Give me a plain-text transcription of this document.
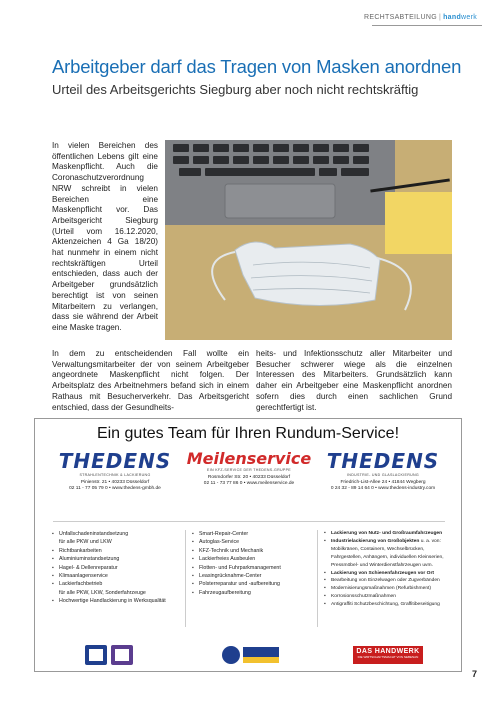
RECHTSABTEILUNG | handwerk
Arbeitgeber darf das Tragen von Masken anordnen
Urteil des Arbeitsgerichts Siegburg aber noch nicht rechtskräftig
In vielen Bereichen des öffentlichen Lebens gilt eine Maskenpflicht. Auch die Coronaschutzverordnung NRW schreibt in vielen Bereichen eine Maskenpflicht vor. Das Arbeitsgericht Siegburg (Urteil vom 16.12.2020, Aktenzeichen 4 Ga 18/20) hat nunmehr in einem nicht rechtskräftigen Urteil entschieden, dass auch der Arbeitgeber grundsätzlich berechtigt ist von seinen Mitarbeitern zu verlangen, dass sie während der Arbeit eine Maske tragen.
In dem zu entscheidenden Fall wollte ein Verwaltungsmitarbeiter der von seinem Arbeitgeber angeordnete Maskenpflicht nicht folgen. Der Arbeitsplatz des Arbeitnehmers befand sich in einem Rathaus mit Besucherverkehr. Das Arbeitsgericht entschied, dass der Gesundheits-
heits- und Infektionsschutz aller Mitarbeiter und Besucher schwerer wiege als die einzelnen Interessen des Mitarbeiters. Grundsätzlich kann daher ein Arbeitgeber eine Maskenpflicht anordnen sofern dies durch einen sachlichen Grund gerechtfertigt ist.
Ein gutes Team für Ihren Rundum-Service!
THEDENS
STRAHLENTECHNIK & LACKIERUNG
Pinienstr. 21 • 40233 Düsseldorf
02 11 - 77 05 79 0 • www.thedens-gmbh.de
Meilenservice
EIN KFZ-SERVICE DER THEDENS-GRUPPE
Rosmdorfer Str. 20 • 40233 Düsseldorf
02 11 - 73 77 86 0 • www.meilenservice.de
THEDENS
INDUSTRIE- UND GLASLACKIERUNG
Friedrich-List-Allee 24 • 41844 Wegberg
0 24 32 - 89 14 64 0 • www.thedens-industry.com
▪ Unfallschadeninstandsetzung
für alle PKW und LKW
▪ Richtbankarbeiten
▪ Aluminiuminstandsetzung
▪ Hagel- & Dellenreparatur
▪ Klimaanlagenservice
▪ Lackierfachbetrieb
für alle PKW, LKW, Sonderfahrzeuge
▪ Hochwertige Handlackierung in Werksqualität
▪ Smart-Repair-Center
▪ Autoglas-Service
▪ KFZ-Technik und Mechanik
▪ Lackierfreies Ausbeulen
▪ Flotten- und Fuhrparkmanagement
▪ Leasingrücknahme-Center
▪ Polsterreparatur und -aufbereitung
▪ Fahrzeugaufbereitung
▪ Lackierung von Nutz- und Großraumfahrzeugen
▪ Industrielackierung von Großobjekten u. a. von:
Mobilkränen, Containern, Wechselbrücken,
Fahrgestellen, Anhängern, individuellen Kleinserien,
Pressmöbel- und Winterdienstfahrzeugen uvm.
▪ Lackierung von Schienenfahrzeugen vor Ort
▪ Bearbeitung von Einzelwagen oder Zugverbänden
▪ Modernisierungsmaßnahmen (Refurbishment)
▪ Korrosionsschutzmaßnahmen
▪ Antigraffiti Schutzbeschichtung, Graffitibeseitigung
DAS HANDWERK
DIE WIRTSCHAFTSMACHT VON NEBENAN
7
